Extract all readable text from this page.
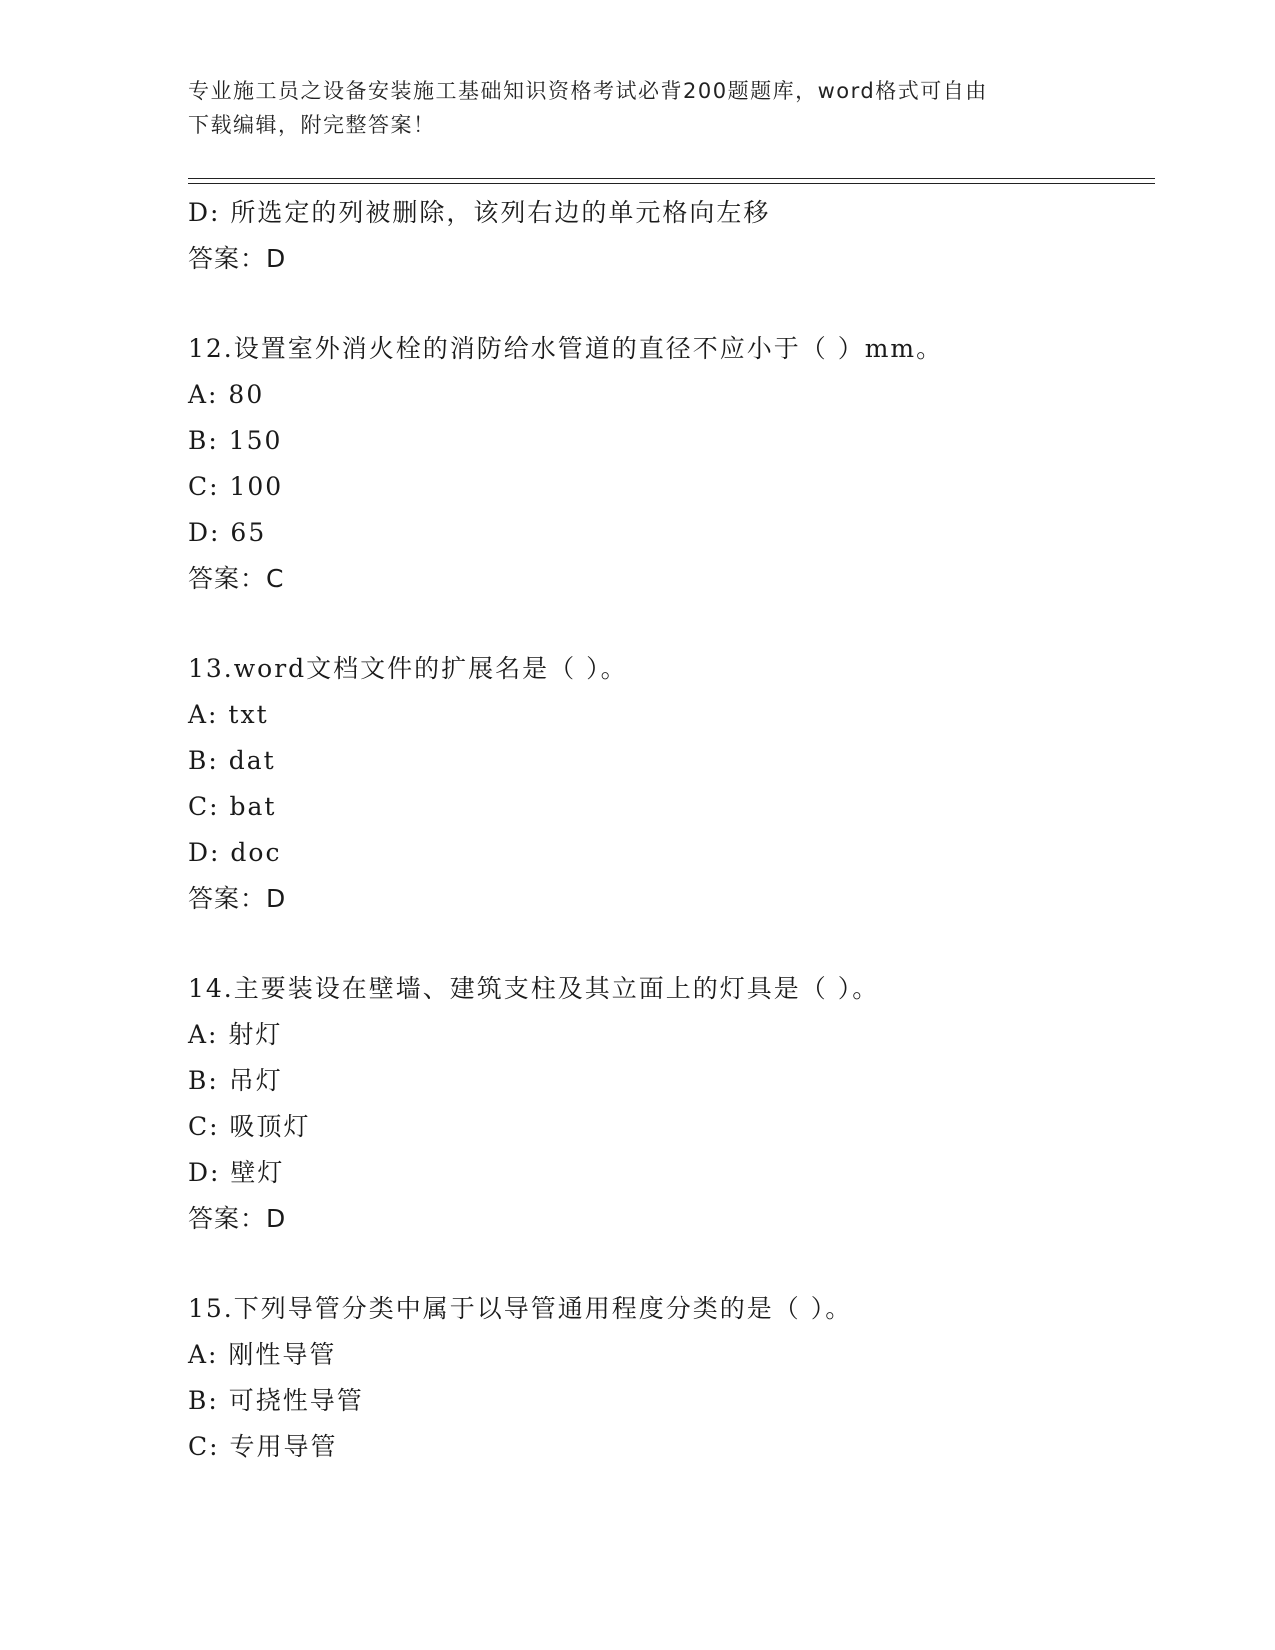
专业施工员之设备安装施工基础知识资格考试必背200题题库，word格式可自由
下载编辑，附完整答案！
D: 所选定的列被删除，该列右边的单元格向左移
答案：D
12.设置室外消火栓的消防给水管道的直径不应小于（ ）mm。
A: 80
B: 150
C: 100
D: 65
答案：C
13.word文档文件的扩展名是（ ）。
A: txt
B: dat
C: bat
D: doc
答案：D
14.主要装设在壁墙、建筑支柱及其立面上的灯具是（ ）。
A: 射灯
B: 吊灯
C: 吸顶灯
D: 壁灯
答案：D
15.下列导管分类中属于以导管通用程度分类的是（ ）。
A: 刚性导管
B: 可挠性导管
C: 专用导管
